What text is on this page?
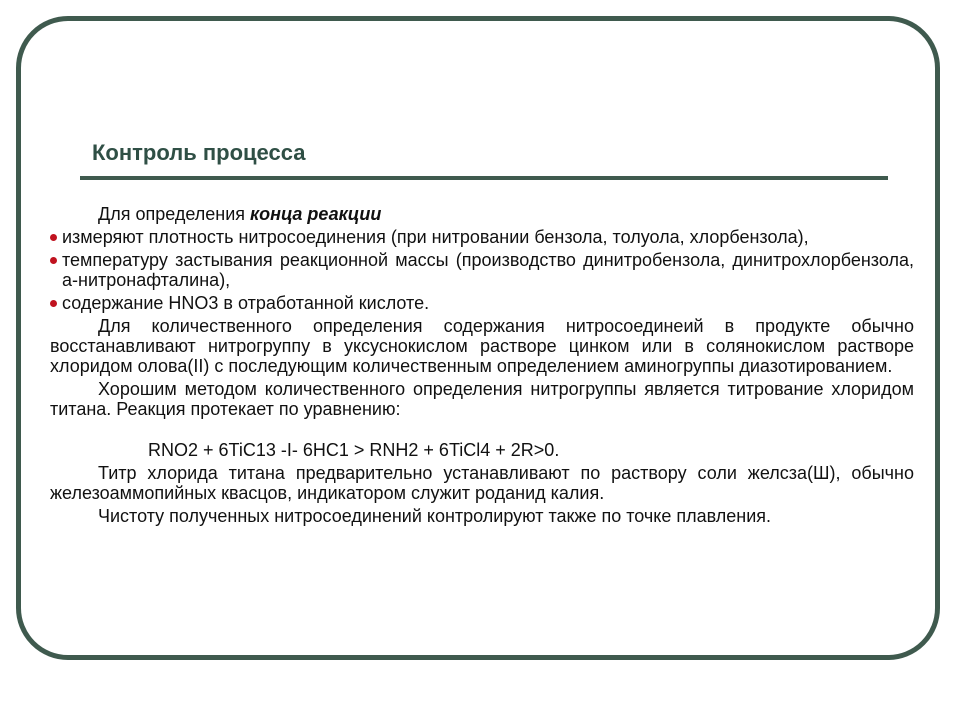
Контроль процесса

Для определения конца реакции

измеряют плотность нитросоединения (при нитровании бензола, толуола, хлорбензола),
температуру застывания реакционной массы (производство динитробензола, динитрохлорбензола, а-нитронафталина),
содержание HNO3 в отработанной кислоте.

Для количественного определения содержания нитросоединеий в продукте обычно восстанавливают нитрогруппу в уксуснокислом растворе цинком или в солянокислом растворе хлоридом олова(II) с последующим количественным определением аминогруппы диазотированием.

Хорошим методом количественного определения нитрогруппы является титрование хлоридом титана. Реакция протекает по уравнению:

RNO2 + 6TiC13 -I- 6HC1 > RNH2 + 6TiCl4 + 2R>0.

Титр хлорида титана предварительно устанавливают по раствору соли желсза(Ш), обычно железоаммопийных квасцов, индикатором служит роданид калия.

Чистоту полученных нитросоединений контролируют также по точке плавления.
